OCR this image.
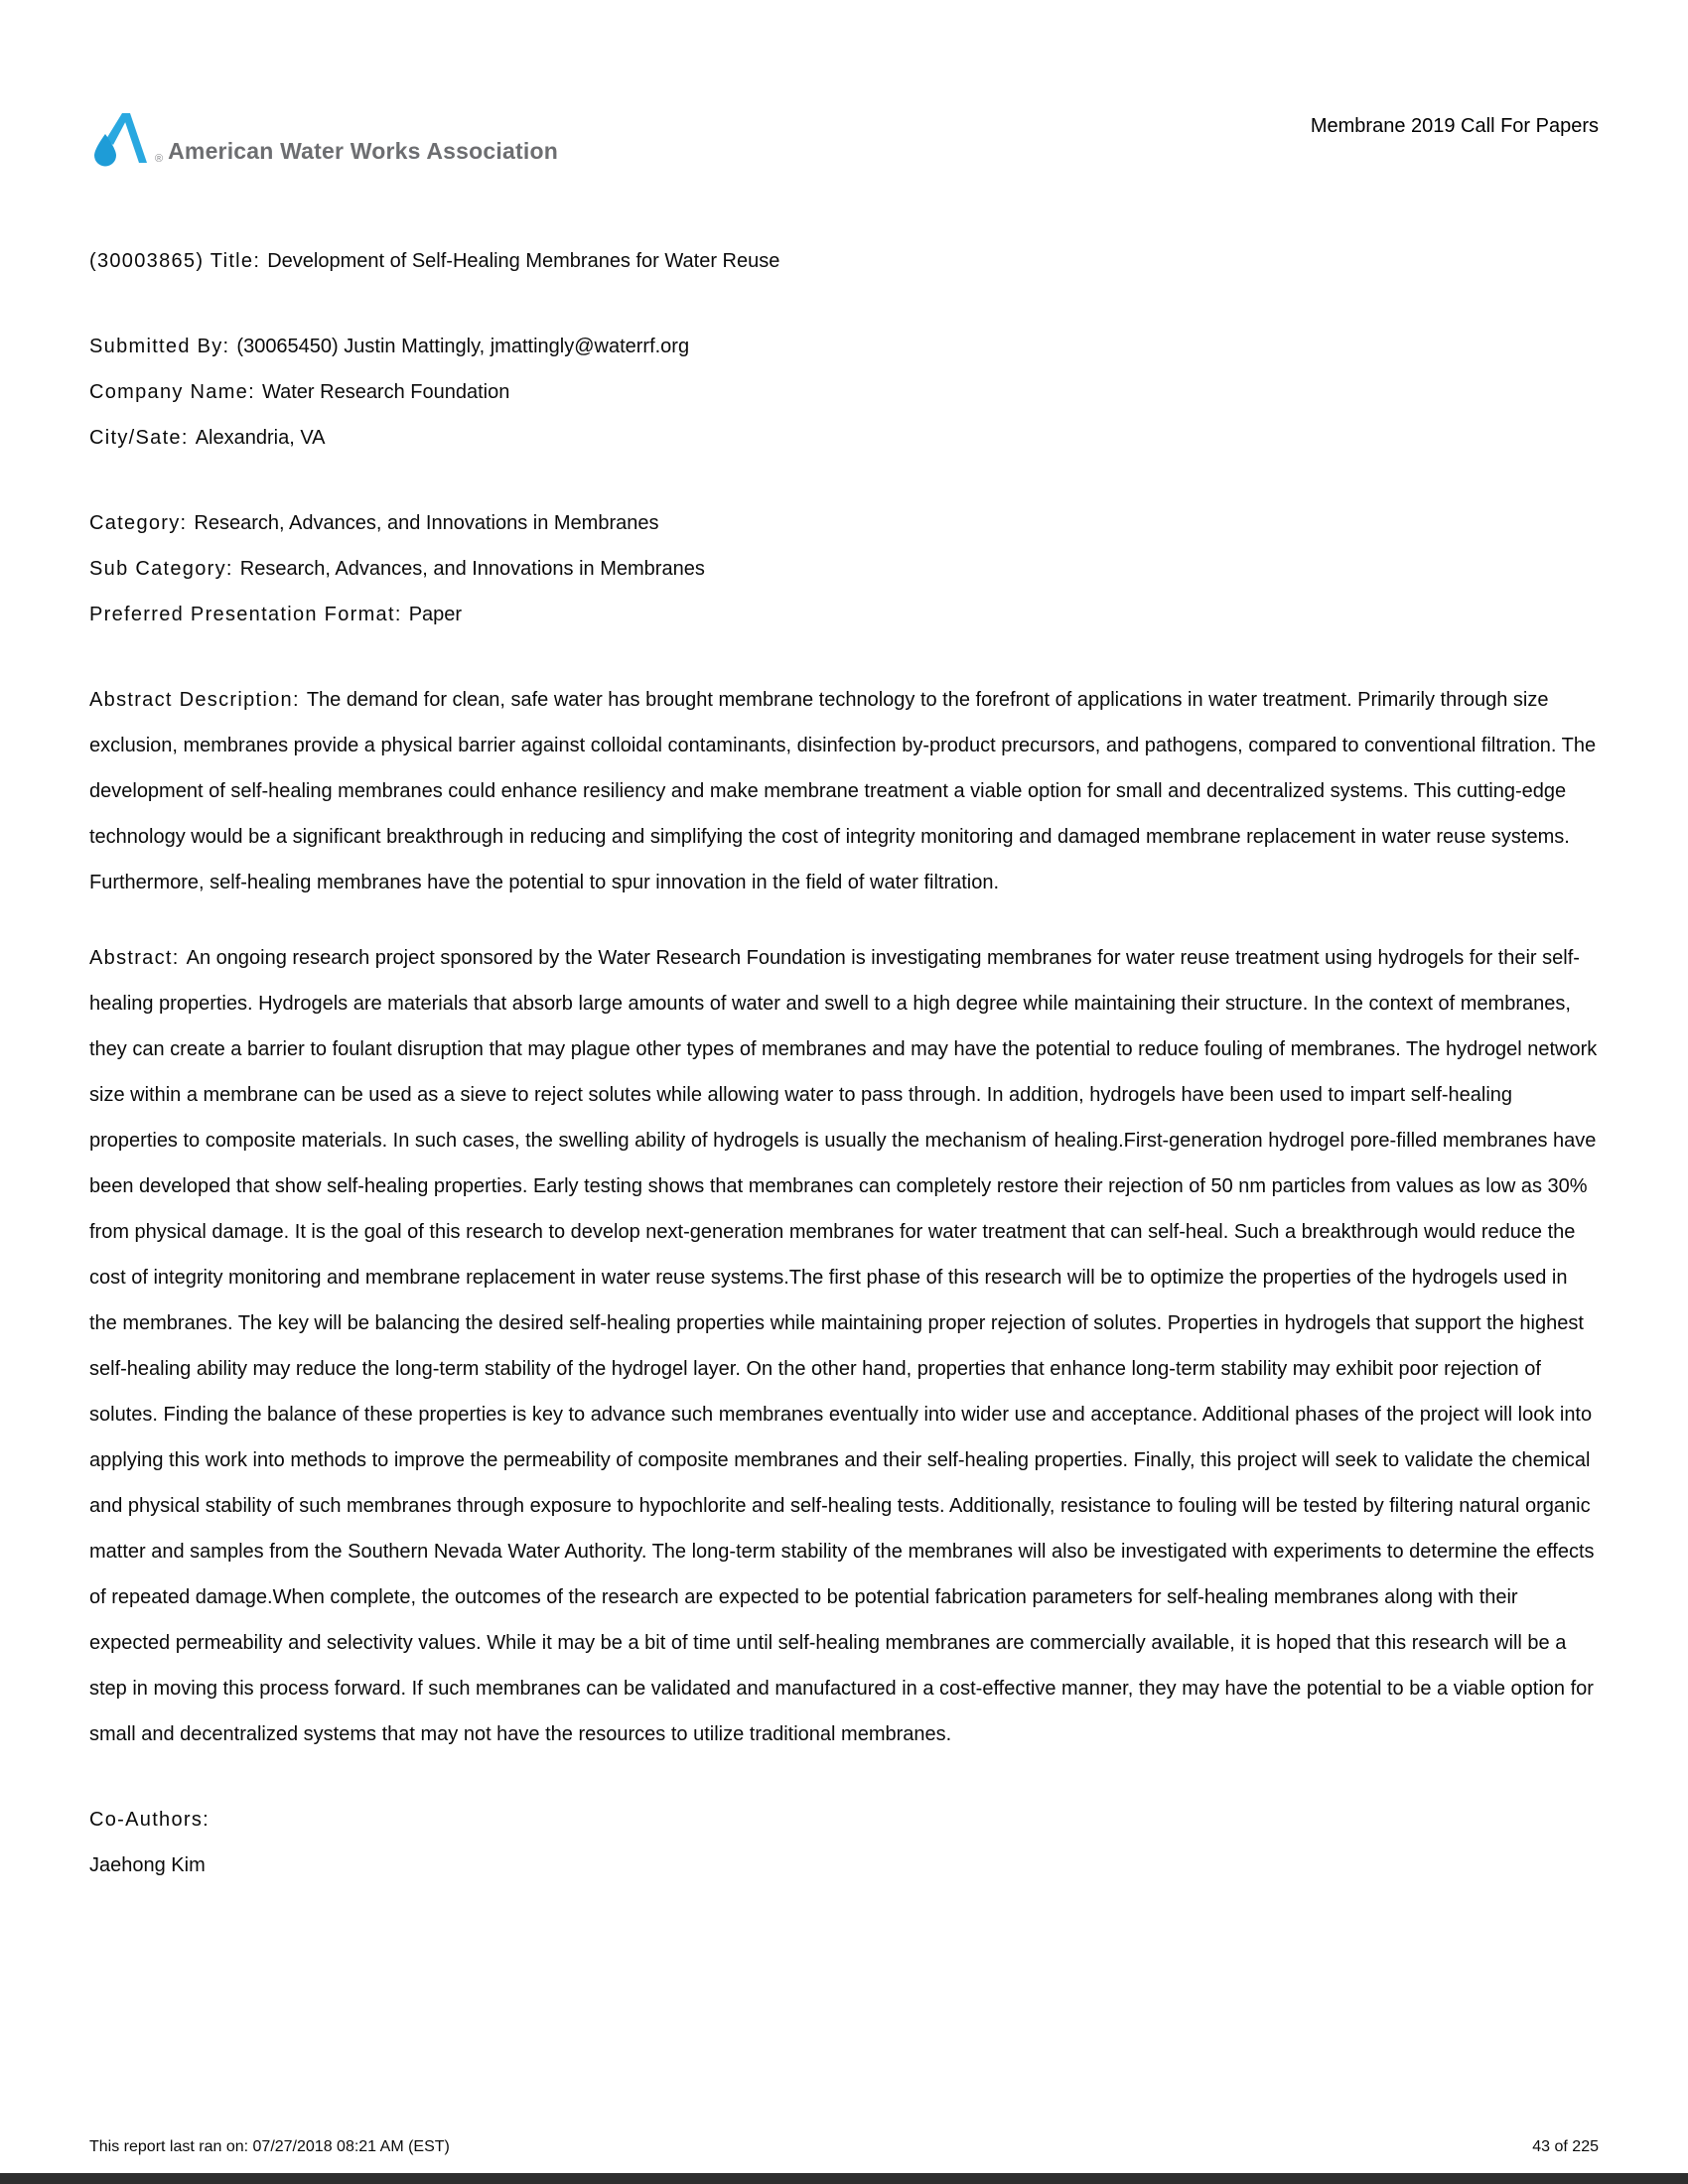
® American Water Works Association
Membrane 2019 Call For Papers

(30003865) Title: Development of Self-Healing Membranes for Water Reuse

Submitted By: (30065450) Justin Mattingly, jmattingly@waterrf.org

Company Name: Water Research Foundation

City/Sate: Alexandria, VA

Category: Research, Advances, and Innovations in Membranes

Sub Category: Research, Advances, and Innovations in Membranes

Preferred Presentation Format: Paper

Abstract Description: The demand for clean, safe water has brought membrane technology to the forefront of applications in water treatment. Primarily through size exclusion, membranes provide a physical barrier against colloidal contaminants, disinfection by-product precursors, and pathogens, compared to conventional filtration. The development of self-healing membranes could enhance resiliency and make membrane treatment a viable option for small and decentralized systems. This cutting-edge technology would be a significant breakthrough in reducing and simplifying the cost of integrity monitoring and damaged membrane replacement in water reuse systems. Furthermore, self-healing membranes have the potential to spur innovation in the field of water filtration.

Abstract: An ongoing research project sponsored by the Water Research Foundation is investigating membranes for water reuse treatment using hydrogels for their self-healing properties. Hydrogels are materials that absorb large amounts of water and swell to a high degree while maintaining their structure. In the context of membranes, they can create a barrier to foulant disruption that may plague other types of membranes and may have the potential to reduce fouling of membranes. The hydrogel network size within a membrane can be used as a sieve to reject solutes while allowing water to pass through. In addition, hydrogels have been used to impart self-healing properties to composite materials. In such cases, the swelling ability of hydrogels is usually the mechanism of healing.First-generation hydrogel pore-filled membranes have been developed that show self-healing properties. Early testing shows that membranes can completely restore their rejection of 50 nm particles from values as low as 30% from physical damage. It is the goal of this research to develop next-generation membranes for water treatment that can self-heal. Such a breakthrough would reduce the cost of integrity monitoring and membrane replacement in water reuse systems.The first phase of this research will be to optimize the properties of the hydrogels used in the membranes. The key will be balancing the desired self-healing properties while maintaining proper rejection of solutes. Properties in hydrogels that support the highest self-healing ability may reduce the long-term stability of the hydrogel layer. On the other hand, properties that enhance long-term stability may exhibit poor rejection of solutes. Finding the balance of these properties is key to advance such membranes eventually into wider use and acceptance. Additional phases of the project will look into applying this work into methods to improve the permeability of composite membranes and their self-healing properties. Finally, this project will seek to validate the chemical and physical stability of such membranes through exposure to hypochlorite and self-healing tests. Additionally, resistance to fouling will be tested by filtering natural organic matter and samples from the Southern Nevada Water Authority. The long-term stability of the membranes will also be investigated with experiments to determine the effects of repeated damage.When complete, the outcomes of the research are expected to be potential fabrication parameters for self-healing membranes along with their expected permeability and selectivity values. While it may be a bit of time until self-healing membranes are commercially available, it is hoped that this research will be a step in moving this process forward. If such membranes can be validated and manufactured in a cost-effective manner, they may have the potential to be a viable option for small and decentralized systems that may not have the resources to utilize traditional membranes.

Co-Authors:

Jaehong Kim

This report last ran on: 07/27/2018 08:21 AM (EST)	43 of 225
